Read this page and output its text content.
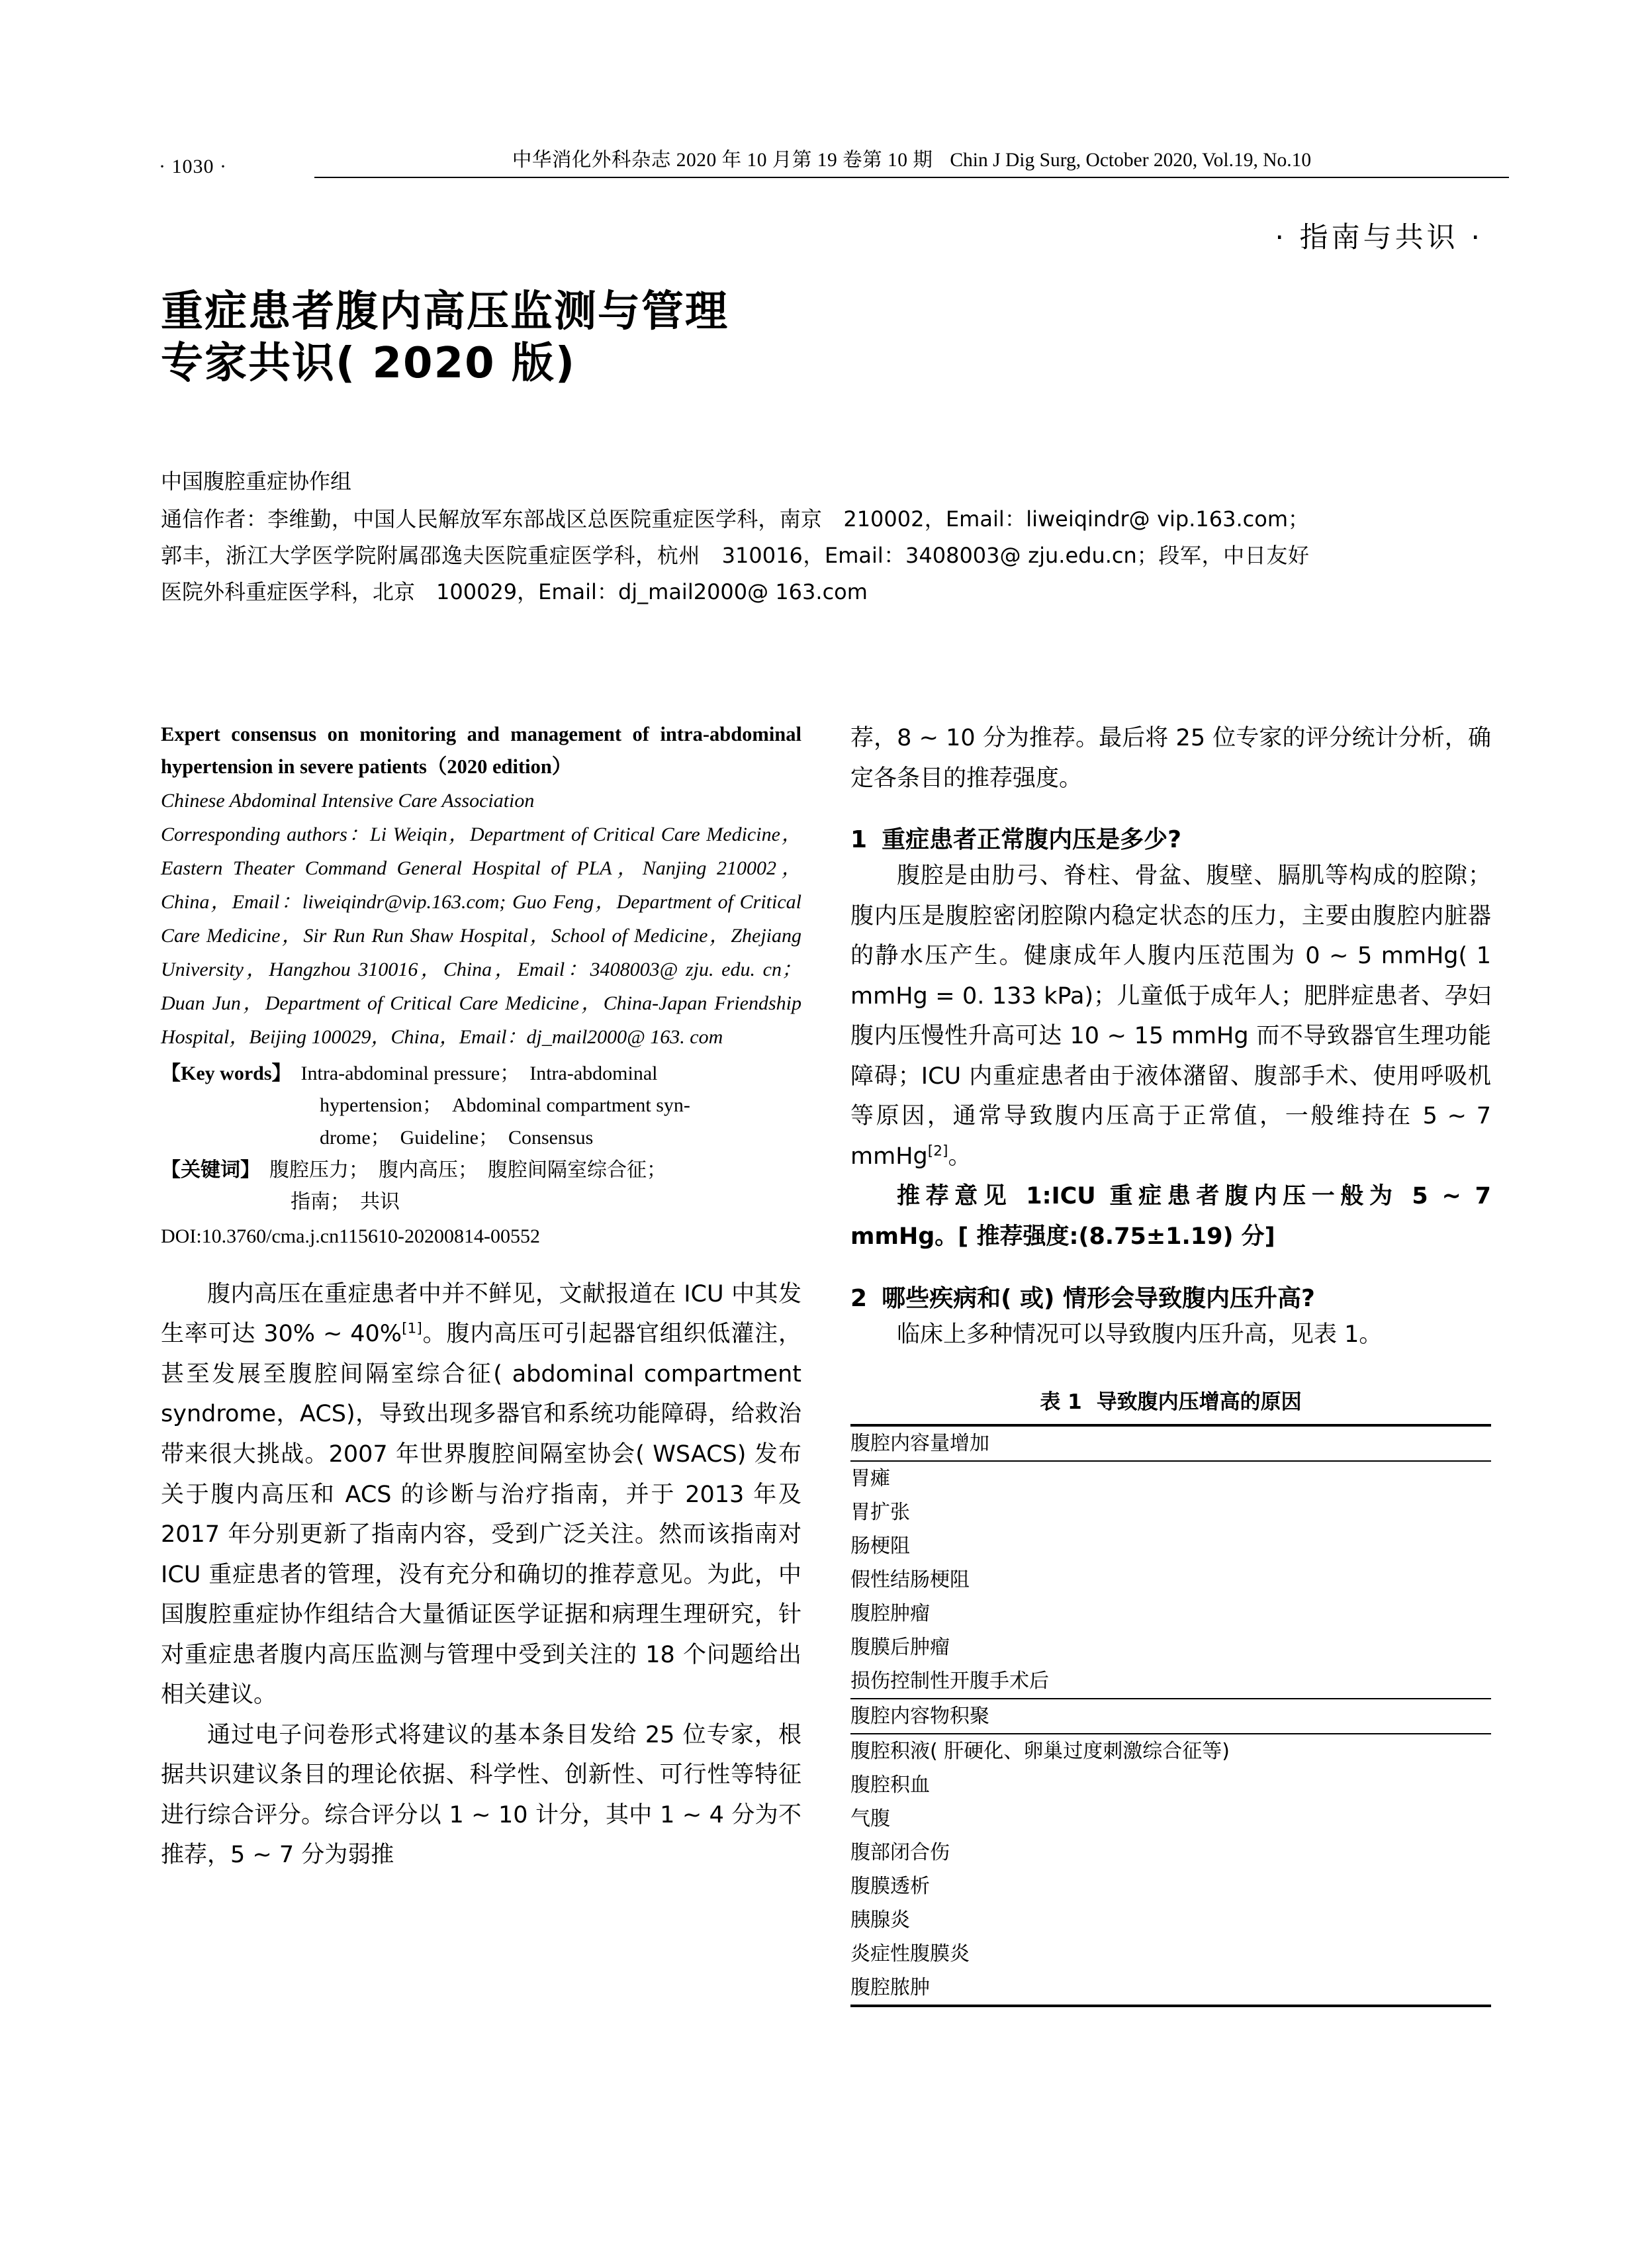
· 1030 ·	中华消化外科杂志 2020 年 10 月第 19 卷第 10 期 Chin J Dig Surg, October 2020, Vol.19, No.10
· 指南与共识 ·
重症患者腹内高压监测与管理
专家共识( 2020 版)
中国腹腔重症协作组

通信作者：李维勤，中国人民解放军东部战区总医院重症医学科，南京　210002，Email：liweiqindr@ vip.163.com；郭丰，浙江大学医学院附属邵逸夫医院重症医学科，杭州　310016，Email：3408003@ zju.edu.cn；段军，中日友好医院外科重症医学科，北京　100029，Email：dj_mail2000@ 163.com

Expert consensus on monitoring and management of intra-abdominal hypertension in severe patients（2020 edition）

Chinese Abdominal Intensive Care Association

Corresponding authors：Li Weiqin，Department of Critical Care Medicine，Eastern Theater Command General Hospital of PLA，Nanjing 210002，China，Email：liweiqindr@vip.163.com; Guo Feng，Department of Critical Care Medicine，Sir Run Run Shaw Hospital，School of Medicine，Zhejiang University，Hangzhou 310016，China，Email：3408003@ zju. edu. cn；Duan Jun，Department of Critical Care Medicine，China-Japan Friendship Hospital，Beijing 100029，China，Email：dj_mail2000@ 163. com

【Key words】 Intra-abdominal pressure；　Intra-abdominal
hypertension；　Abdominal compartment syn-
drome；　Guideline；　Consensus
【关键词】 腹腔压力；　腹内高压；　腹腔间隔室综合征；
指南；　共识
DOI:10.3760/cma.j.cn115610-20200814-00552

腹内高压在重症患者中并不鲜见，文献报道在 ICU 中其发生率可达 30% ~ 40%[1]。腹内高压可引起器官组织低灌注，甚至发展至腹腔间隔室综合征( abdominal compartment syndrome，ACS)，导致出现多器官和系统功能障碍，给救治带来很大挑战。2007 年世界腹腔间隔室协会( WSACS) 发布关于腹内高压和 ACS 的诊断与治疗指南，并于 2013 年及 2017 年分别更新了指南内容，受到广泛关注。然而该指南对 ICU 重症患者的管理，没有充分和确切的推荐意见。为此，中国腹腔重症协作组结合大量循证医学证据和病理生理研究，针对重症患者腹内高压监测与管理中受到关注的 18 个问题给出相关建议。

通过电子问卷形式将建议的基本条目发给 25 位专家，根据共识建议条目的理论依据、科学性、创新性、可行性等特征进行综合评分。综合评分以 1 ~ 10 计分，其中 1 ~ 4 分为不推荐，5 ~ 7 分为弱推

荐，8 ~ 10 分为推荐。最后将 25 位专家的评分统计分析，确定各条目的推荐强度。

1 重症患者正常腹内压是多少?

腹腔是由肋弓、脊柱、骨盆、腹壁、膈肌等构成的腔隙；腹内压是腹腔密闭腔隙内稳定状态的压力，主要由腹腔内脏器的静水压产生。健康成年人腹内压范围为 0 ~ 5 mmHg( 1 mmHg = 0. 133 kPa)；儿童低于成年人；肥胖症患者、孕妇腹内压慢性升高可达 10 ~ 15 mmHg 而不导致器官生理功能障碍；ICU 内重症患者由于液体潴留、腹部手术、使用呼吸机等原因，通常导致腹内压高于正常值，一般维持在 5 ~ 7 mmHg[2]。

推荐意见 1:ICU 重症患者腹内压一般为 5 ~ 7 mmHg。[ 推荐强度:(8.75±1.19) 分]
2 哪些疾病和( 或) 情形会导致腹内压升高?

临床上多种情况可以导致腹内压升高，见表 1。

表 1 导致腹内压增高的原因
腹腔内容量增加
胃瘫
胃扩张
肠梗阻
假性结肠梗阻
腹腔肿瘤
腹膜后肿瘤
损伤控制性开腹手术后
腹腔内容物积聚
腹腔积液( 肝硬化、卵巢过度刺激综合征等)
腹腔积血
气腹
腹部闭合伤
腹膜透析
胰腺炎
炎症性腹膜炎
腹腔脓肿
